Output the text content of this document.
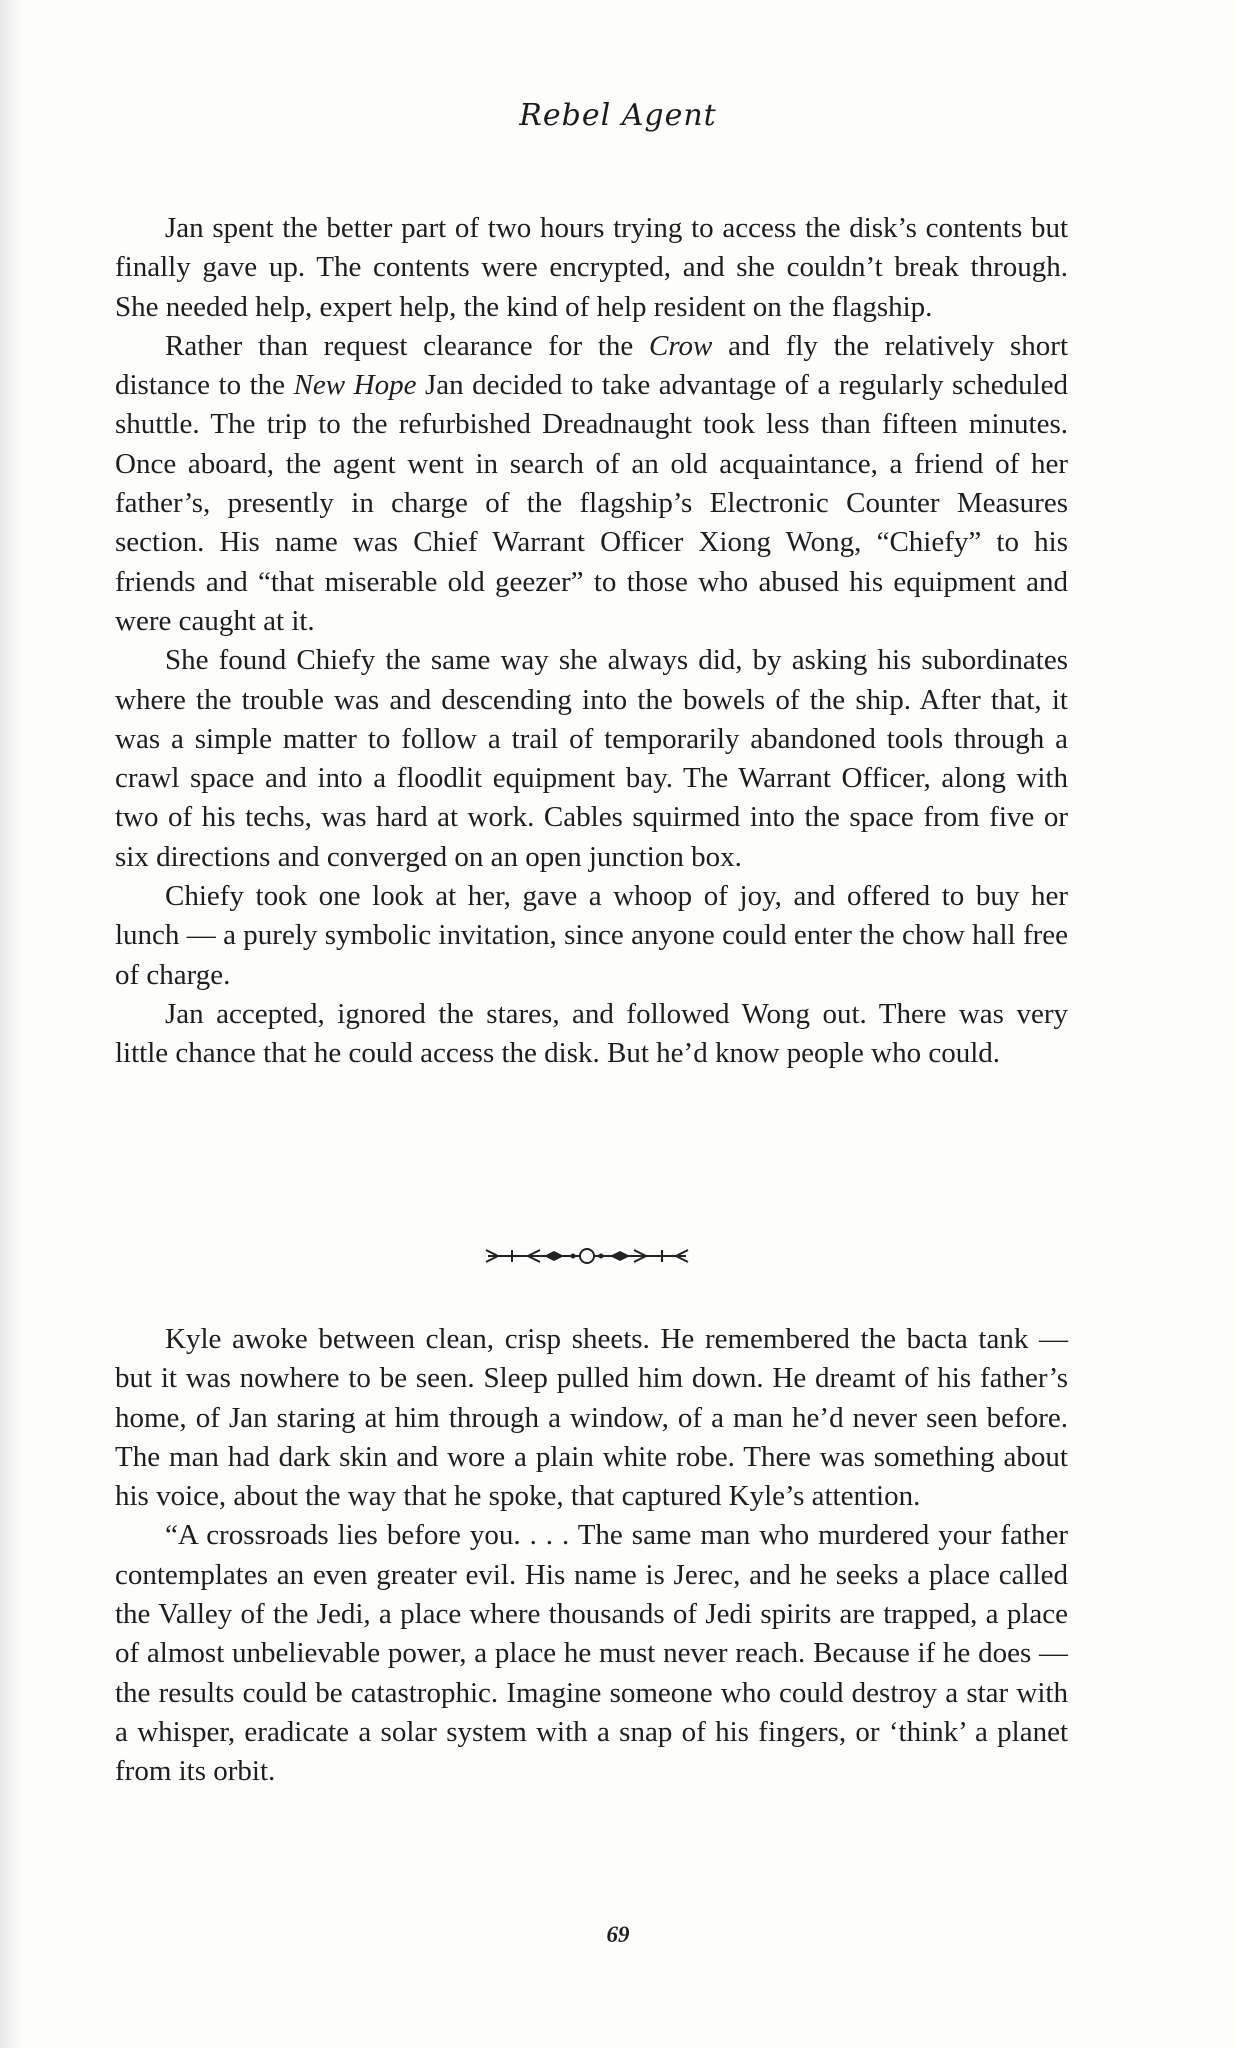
Rebel Agent

Jan spent the better part of two hours trying to access the disk’s contents but finally gave up. The contents were encrypted, and she couldn’t break through. She needed help, expert help, the kind of help resident on the flagship.

Rather than request clearance for the Crow and fly the relatively short distance to the New Hope Jan decided to take advantage of a regularly scheduled shuttle. The trip to the refurbished Dreadnaught took less than fifteen minutes. Once aboard, the agent went in search of an old acquaintance, a friend of her father’s, presently in charge of the flagship’s Electronic Counter Measures section. His name was Chief Warrant Officer Xiong Wong, “Chiefy” to his friends and “that miserable old geezer” to those who abused his equipment and were caught at it.

She found Chiefy the same way she always did, by asking his subordinates where the trouble was and descending into the bowels of the ship. After that, it was a simple matter to follow a trail of temporarily abandoned tools through a crawl space and into a floodlit equipment bay. The Warrant Officer, along with two of his techs, was hard at work. Cables squirmed into the space from five or six directions and converged on an open junction box.

Chiefy took one look at her, gave a whoop of joy, and offered to buy her lunch — a purely symbolic invitation, since anyone could enter the chow hall free of charge.

Jan accepted, ignored the stares, and followed Wong out. There was very little chance that he could access the disk. But he’d know people who could.

Kyle awoke between clean, crisp sheets. He remembered the bacta tank — but it was nowhere to be seen. Sleep pulled him down. He dreamt of his father’s home, of Jan staring at him through a window, of a man he’d never seen before. The man had dark skin and wore a plain white robe. There was something about his voice, about the way that he spoke, that captured Kyle’s attention.

“A crossroads lies before you. . . . The same man who murdered your father contemplates an even greater evil. His name is Jerec, and he seeks a place called the Valley of the Jedi, a place where thousands of Jedi spirits are trapped, a place of almost unbelievable power, a place he must never reach. Because if he does — the results could be catastrophic. Imagine someone who could destroy a star with a whisper, eradicate a solar system with a snap of his fingers, or ‘think’ a planet from its orbit.

69
